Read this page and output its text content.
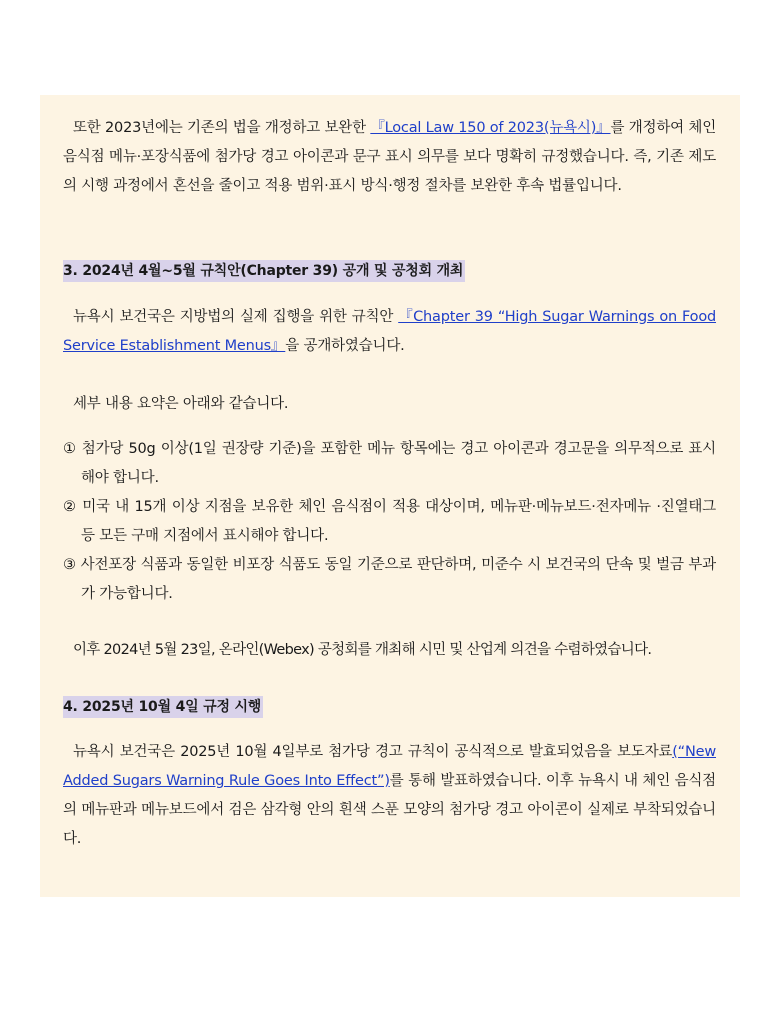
또한 2023년에는 기존의 법을 개정하고 보완한 『Local Law 150 of 2023(뉴욕시)』를 개정하여 체인 음식점 메뉴·포장식품에 첨가당 경고 아이콘과 문구 표시 의무를 보다 명확히 규정했습니다. 즉, 기존 제도의 시행 과정에서 혼선을 줄이고 적용 범위·표시 방식·행정 절차를 보완한 후속 법률입니다.

3. 2024년 4월~5월 규칙안(Chapter 39) 공개 및 공청회 개최

뉴욕시 보건국은 지방법의 실제 집행을 위한 규칙안 『Chapter 39 “High Sugar Warnings on Food Service Establishment Menus』을 공개하였습니다.

세부 내용 요약은 아래와 같습니다.

① 첨가당 50g 이상(1일 권장량 기준)을 포함한 메뉴 항목에는 경고 아이콘과 경고문을 의무적으로 표시해야 합니다.
② 미국 내 15개 이상 지점을 보유한 체인 음식점이 적용 대상이며, 메뉴판·메뉴보드·전자메뉴 ·진열태그 등 모든 구매 지점에서 표시해야 합니다.
③ 사전포장 식품과 동일한 비포장 식품도 동일 기준으로 판단하며, 미준수 시 보건국의 단속 및 벌금 부과가 가능합니다.

이후 2024년 5월 23일, 온라인(Webex) 공청회를 개최해 시민 및 산업계 의견을 수렴하였습니다.

4. 2025년 10월 4일 규정 시행

뉴욕시 보건국은 2025년 10월 4일부로 첨가당 경고 규칙이 공식적으로 발효되었음을 보도자료(“New Added Sugars Warning Rule Goes Into Effect”)를 통해 발표하였습니다. 이후 뉴욕시 내 체인 음식점의 메뉴판과 메뉴보드에서 검은 삼각형 안의 흰색 스푼 모양의 첨가당 경고 아이콘이 실제로 부착되었습니다.
